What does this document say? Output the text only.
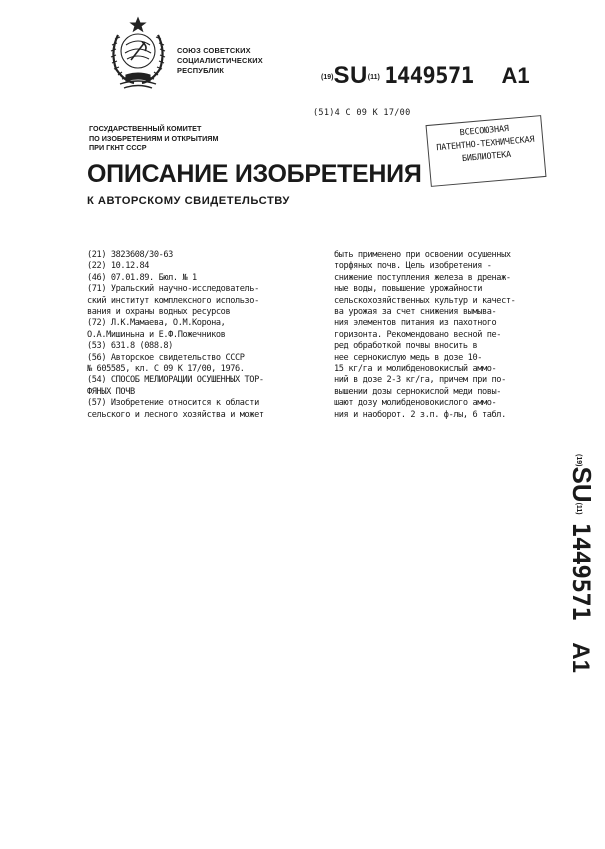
СОЮЗ СОВЕТСКИХ
СОЦИАЛИСТИЧЕСКИХ
РЕСПУБЛИК
(19)SU(11) 1449571 A1
(51)4 С 09 К 17/00
ВСЕСОЮЗНАЯ
ПАТЕНТНО-ТЕХНИЧЕСКАЯ
БИБЛИОТЕКА
ГОСУДАРСТВЕННЫЙ КОМИТЕТ
ПО ИЗОБРЕТЕНИЯМ И ОТКРЫТИЯМ
ПРИ ГКНТ СССР
ОПИСАНИЕ ИЗОБРЕТЕНИЯ
К АВТОРСКОМУ СВИДЕТЕЛЬСТВУ
(21) 3823608/30-63
(22) 10.12.84
(46) 07.01.89. Бюл. № 1
(71) Уральский научно-исследователь-
ский институт комплексного использо-
вания и охраны водных ресурсов
(72) Л.К.Мамаева, О.М.Корона,
О.А.Мишиньна и Е.Ф.Пожечников
(53) 631.8 (088.8)
(56) Авторское свидетельство СССР
№ 605585, кл. С 09 К 17/00, 1976.
(54) СПОСОБ МЕЛИОРАЦИИ ОСУШЕННЫХ ТОР-
ФЯНЫХ ПОЧВ
(57) Изобретение относится к области
сельского и лесного хозяйства и может
быть применено при освоении осушенных
торфяных почв. Цель изобретения -
снижение поступления железа в дренаж-
ные воды, повышение урожайности
сельскохозяйственных культур и качест-
ва урожая за счет снижения вымыва-
ния элементов питания из пахотного
горизонта. Рекомендовано весной пе-
ред обработкой почвы вносить в
нее сернокислую медь в дозе 10-
15 кг/га и молибденовокислый аммо-
ний в дозе 2-3 кг/га, причем при по-
вышении дозы сернокислой меди повы-
шают дозу молибденовокислого аммо-
ния и наоборот. 2 з.п. ф-лы, 6 табл.
$^{(19)}$SU$^{(11)}$1449571A1
